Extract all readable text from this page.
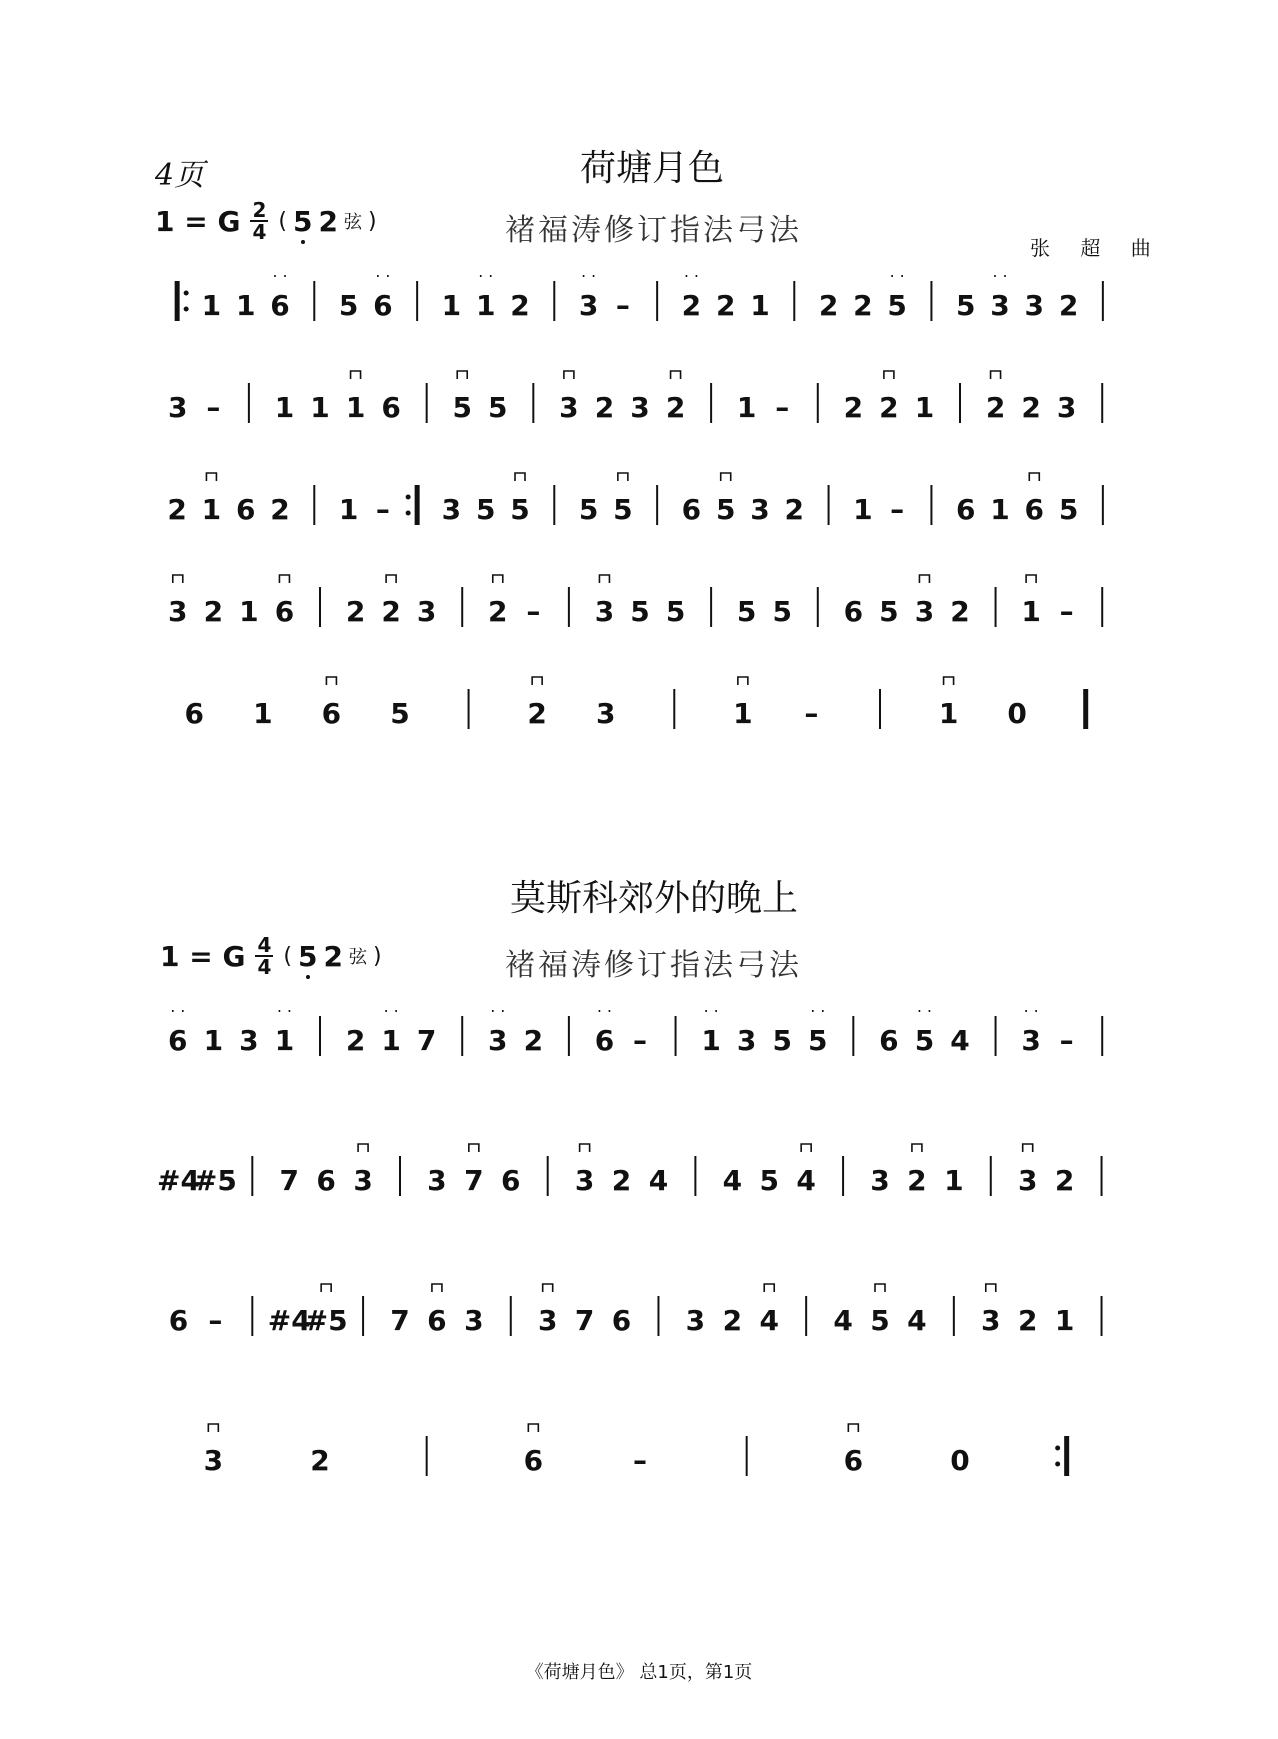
4页	荷塘月色
1 = G $\frac{2}{4}$ ( 5 2 弦 )	褚福涛修订指法弓法	张 超 曲
1 1 6 5 6 1 1 2 3 – 2 2 1 2 2 5 5 3 3 2
3 – 1 1 1 6 5 5 3 2 3 2 1 – 2 2 1 2 2 3
2 1 6 2 1 – 3 5 5 5 5 6 5 3 2 1 – 6 1 6 5
3 2 1 6 2 2 3 2 – 3 5 5 5 5 6 5 3 2 1 –
6 1 6 5	2 3	1 –	1 0
莫斯科郊外的晚上
1 = G $\frac{4}{4}$ ( 5 2 弦 )	褚福涛修订指法弓法
6 1 3 1 2 1 7 3 2 6 – 1 3 5 5 6 5 4 3 –
#4
#5 7 6 3 3 7 6 3 2 4 4 5 4 3 2 1 3 2
6 – #4
#5 7 6 3 3 7 6 3 2 4 4 5 4 3 2 1
3	2	6	–	6	0
《荷塘月色》 总1页，第1页
